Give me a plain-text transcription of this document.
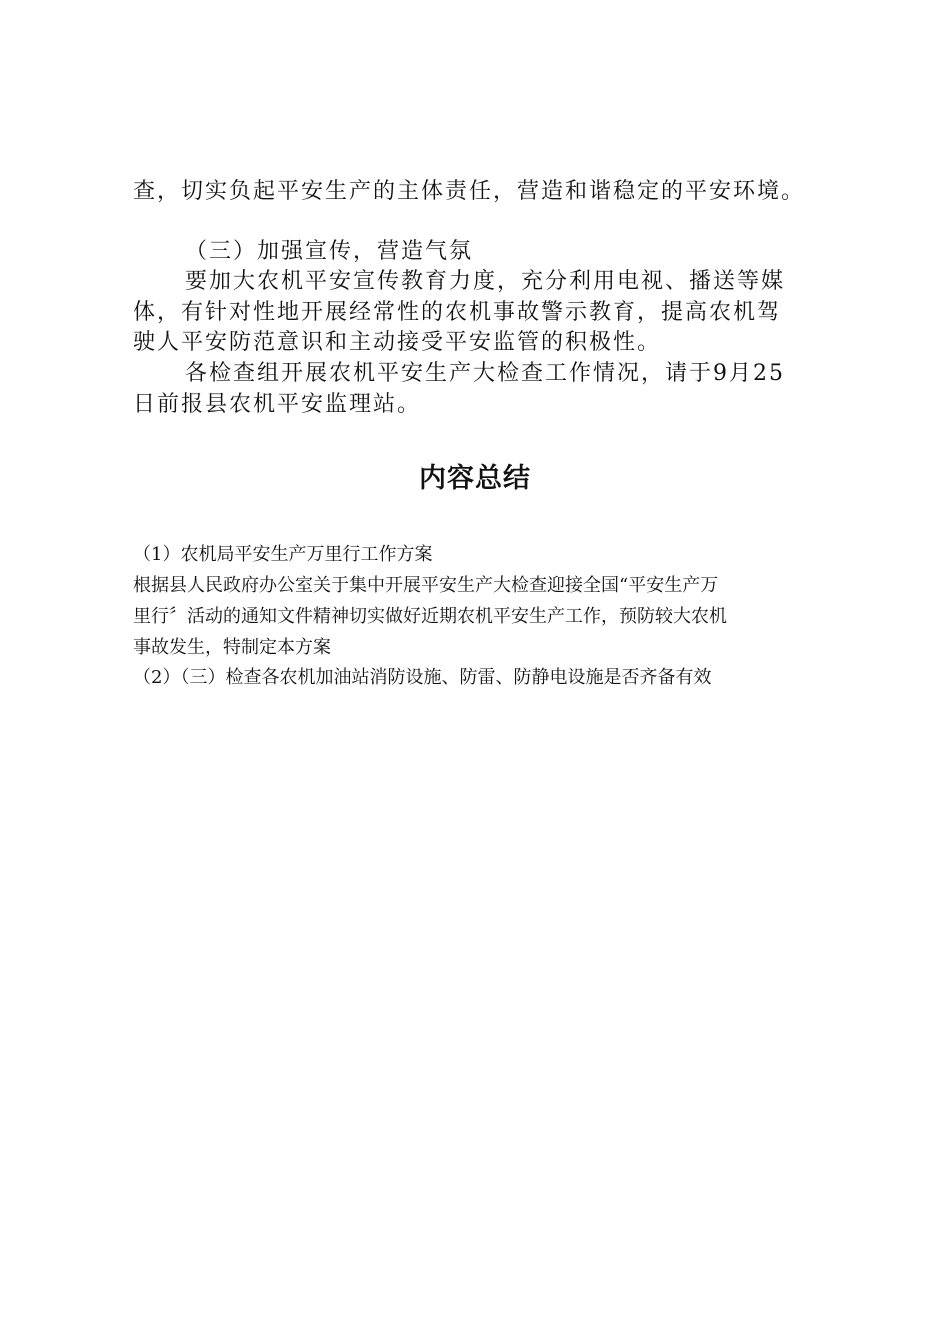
查，切实负起平安生产的主体责任，营造和谐稳定的平安环境。

（三）加强宣传，营造气氛

要加大农机平安宣传教育力度，充分利用电视、播送等媒

体，有针对性地开展经常性的农机事故警示教育，提高农机驾

驶人平安防范意识和主动接受平安监管的积极性。

各检查组开展农机平安生产大检查工作情况，请于9月25

日前报县农机平安监理站。

内容总结

（1）农机局平安生产万里行工作方案

根据县人民政府办公室关于集中开展平安生产大检查迎接全国“平安生产万

里行〞活动的通知文件精神切实做好近期农机平安生产工作，预防较大农机

事故发生，特制定本方案

（2）（三）检查各农机加油站消防设施、防雷、防静电设施是否齐备有效
